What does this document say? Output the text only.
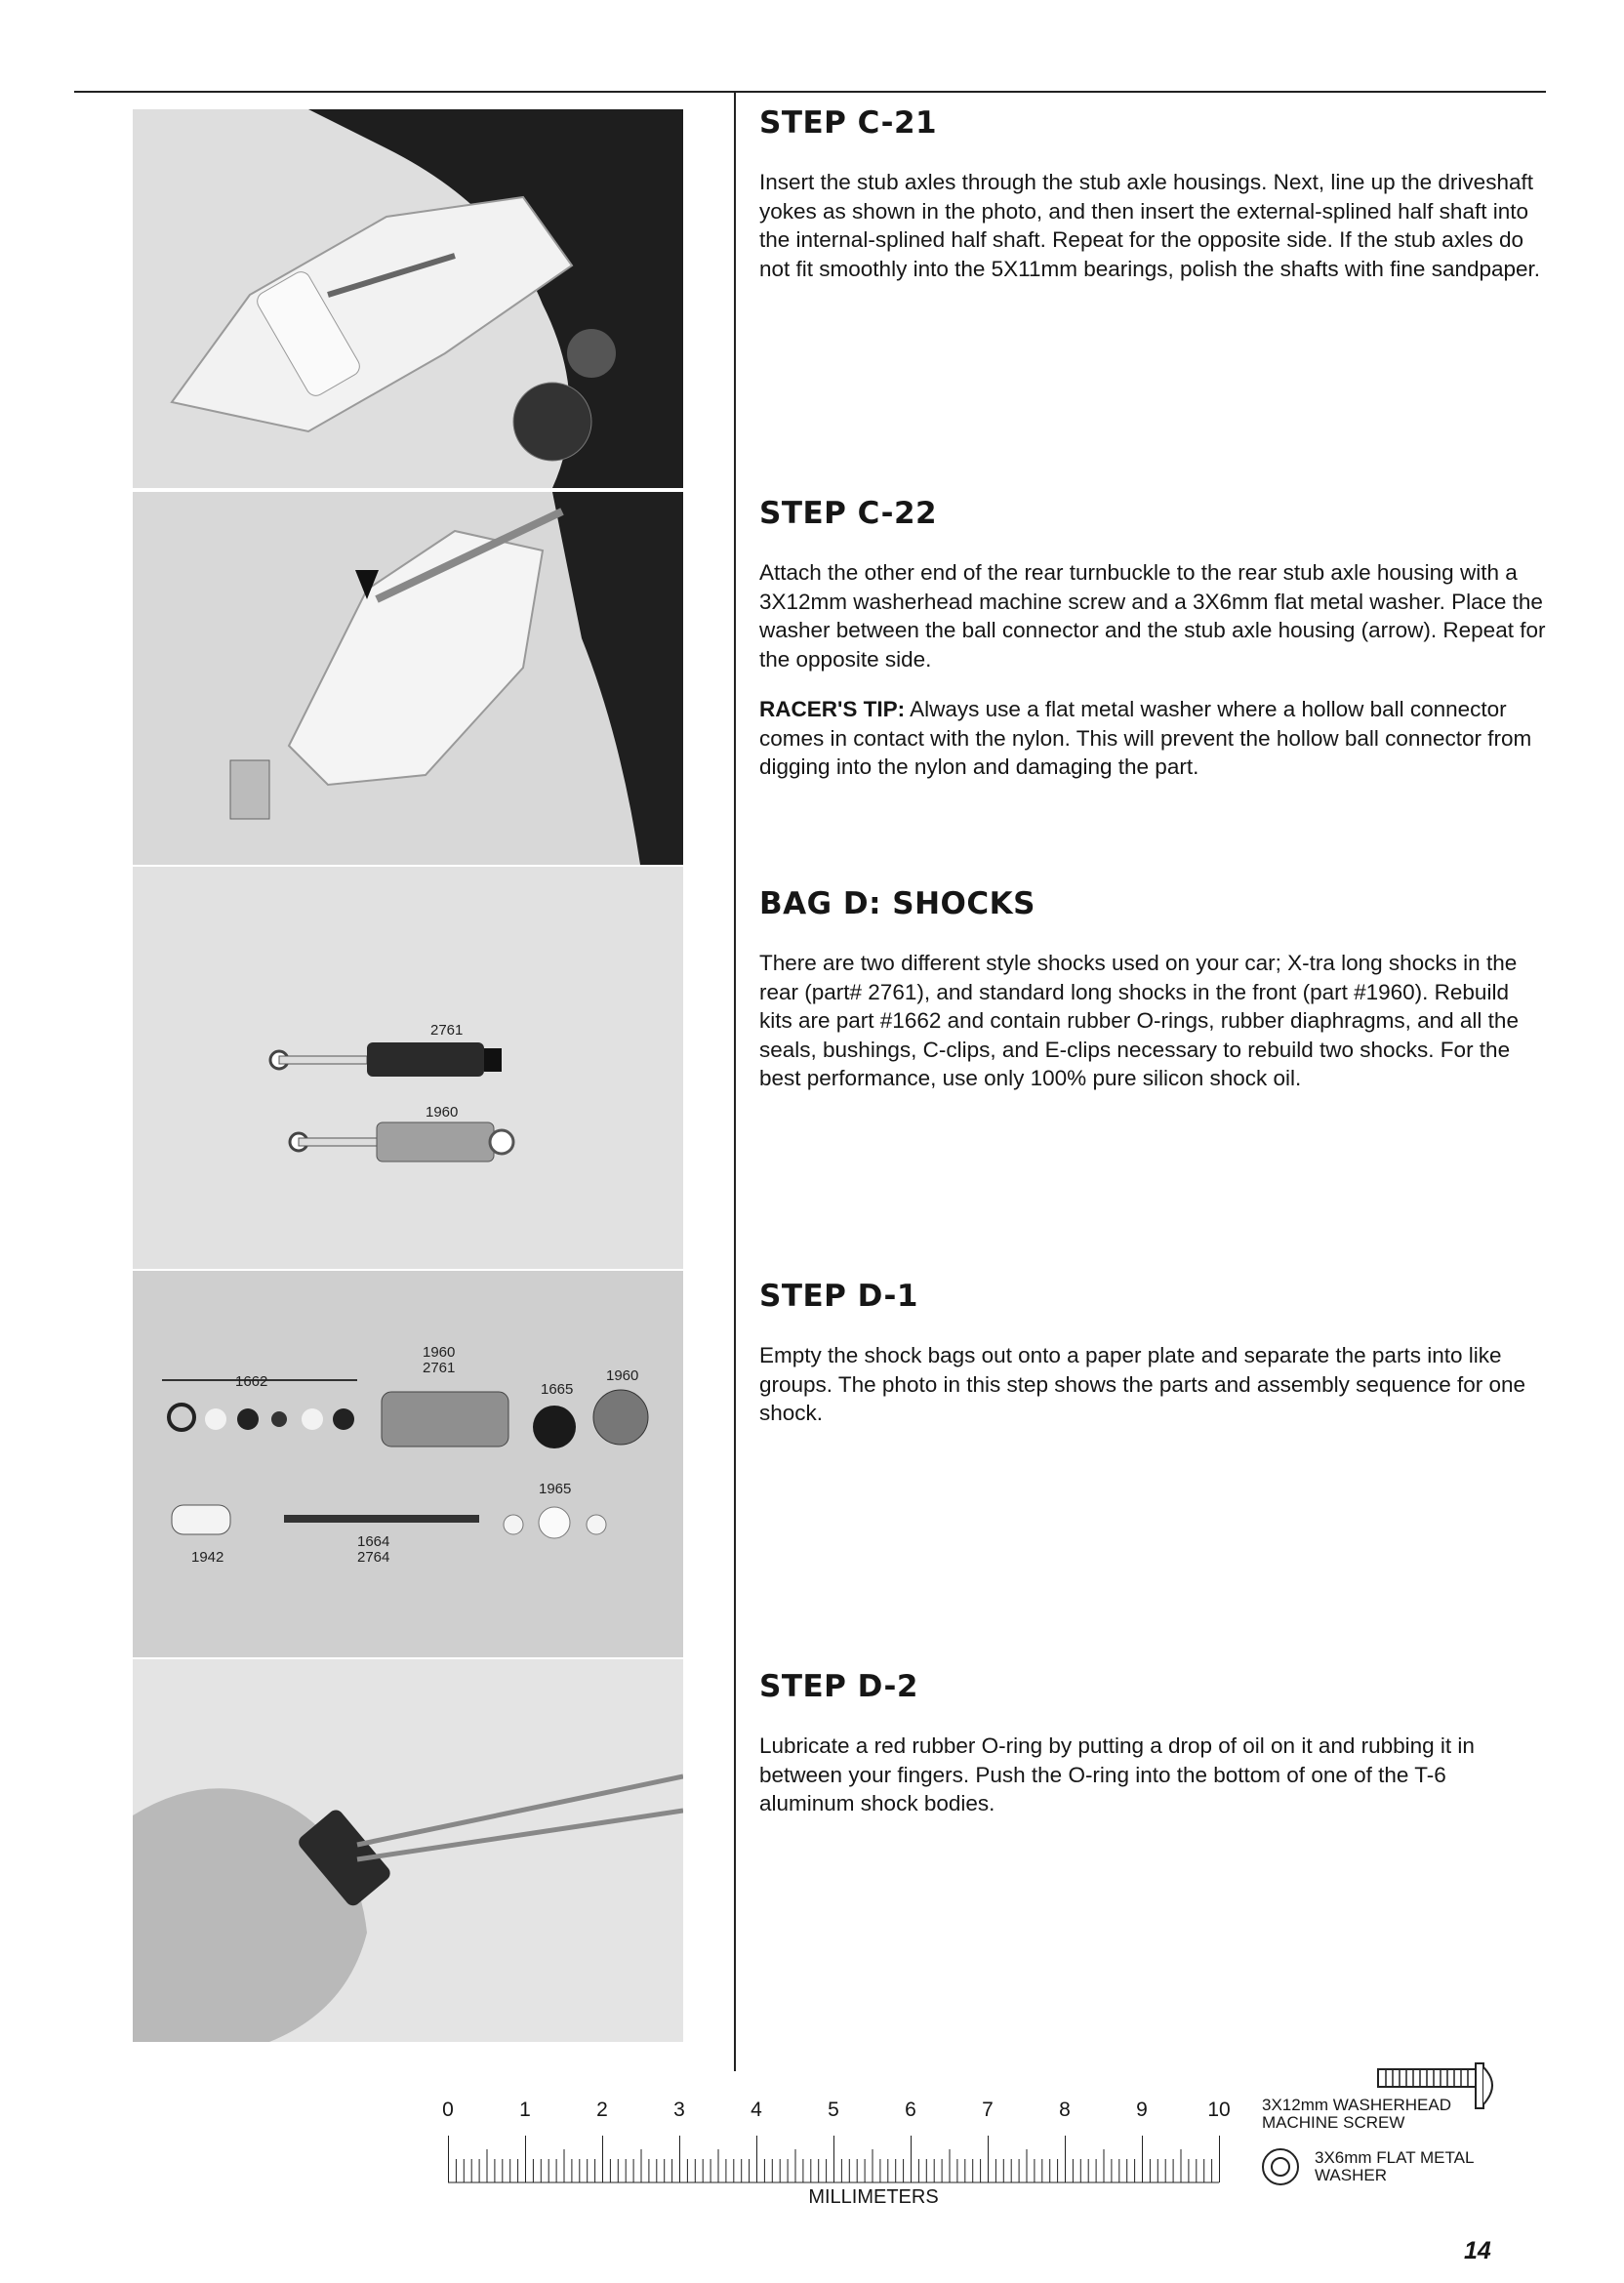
2761
1960
1662
1960
2761
1665
1960
1942
1664
2764
1965
STEP C-21

Insert the stub axles through the stub axle housings. Next, line up the driveshaft yokes as shown in the photo, and then insert the external-splined half shaft into the internal-splined half shaft. Repeat for the opposite side. If the stub axles do not fit smoothly into the 5X11mm bearings, polish the shafts with fine sandpaper.

STEP C-22

Attach the other end of the rear turnbuckle to the rear stub axle housing with a 3X12mm washerhead machine screw and a 3X6mm flat metal washer. Place the washer between the ball connector and the stub axle housing (arrow). Repeat for the opposite side.

RACER'S TIP: Always use a flat metal washer where a hollow ball connector comes in contact with the nylon. This will prevent the hollow ball connector from digging into the nylon and damaging the part.

BAG D: SHOCKS

There are two different style shocks used on your car; X-tra long shocks in the rear (part# 2761), and standard long shocks in the front (part #1960). Rebuild kits are part #1662 and contain rubber O-rings, rubber diaphragms, and all the seals, bushings, C-clips, and E-clips necessary to rebuild two shocks. For the best performance, use only 100% pure silicon shock oil.

STEP D-1

Empty the shock bags out onto a paper plate and separate the parts into like groups. The photo in this step shows the parts and assembly sequence for one shock.

STEP D-2

Lubricate a red rubber O-ring by putting a drop of oil on it and rubbing it in between your fingers. Push the O-ring into the bottom of one of the T-6 aluminum shock bodies.

0	1	2	3	4	5	6	7	8	9	10
MILLIMETERS
3X12mm WASHERHEAD
MACHINE SCREW
3X6mm FLAT METAL
WASHER
14
